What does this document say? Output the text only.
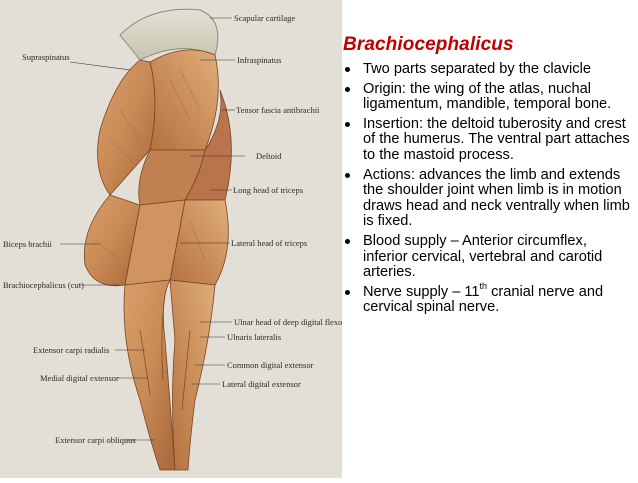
Scapular cartilage
Supraspinatus	Infraspinatus
Tensor fascia antibrachii
Deltoid
Long head of triceps
Biceps brachii	Lateral head of triceps
Brachiocephalicus (cut)
Ulnar head of deep digital flexor
Ulnaris lateralis
Extensor carpi radialis
Common digital extensor
Medial digital extensor
Lateral digital extensor
Extensor carpi obliquus
Brachiocephalicus
Two parts separated by the clavicle
Origin: the wing of the atlas, nuchal ligamentum, mandible, temporal bone.
Insertion: the deltoid tuberosity and crest of the humerus. The ventral part attaches to the mastoid process.
Actions: advances the limb and extends the shoulder joint when limb is in motion draws head and neck ventrally when limb is fixed.
Blood supply – Anterior circumflex, inferior cervical, vertebral and carotid arteries.
Nerve supply – 11th cranial nerve and cervical spinal nerve.
